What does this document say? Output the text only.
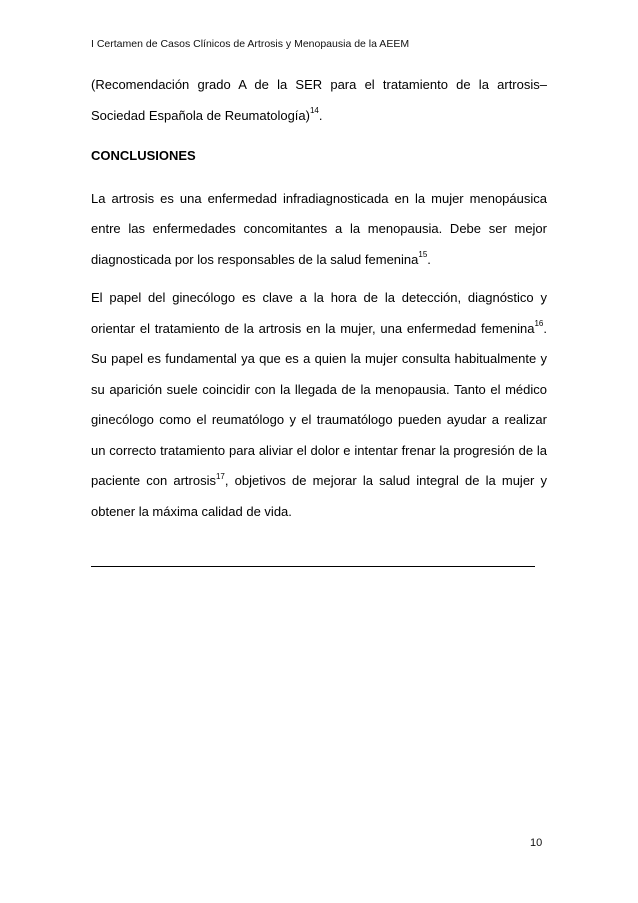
I Certamen de Casos Clínicos de Artrosis y Menopausia de la AEEM

(Recomendación grado A de la SER para el tratamiento de la artrosis– Sociedad Española de Reumatología)$^{14}$.

CONCLUSIONES

La artrosis es una enfermedad infradiagnosticada en la mujer menopáusica entre las enfermedades concomitantes a la menopausia. Debe ser mejor diagnosticada por los responsables de la salud femenina$^{15}$.

El papel del ginecólogo es clave a la hora de la detección, diagnóstico y orientar el tratamiento de la artrosis en la mujer, una enfermedad femenina$^{16}$. Su papel es fundamental ya que es a quien la mujer consulta habitualmente y su aparición suele coincidir con la llegada de la menopausia. Tanto el médico ginecólogo como el reumatólogo y el traumatólogo pueden ayudar a realizar un correcto tratamiento para aliviar el dolor e intentar frenar la progresión de la paciente con artrosis$^{17}$, objetivos de mejorar la salud integral de la mujer y obtener la máxima calidad de vida.

10
